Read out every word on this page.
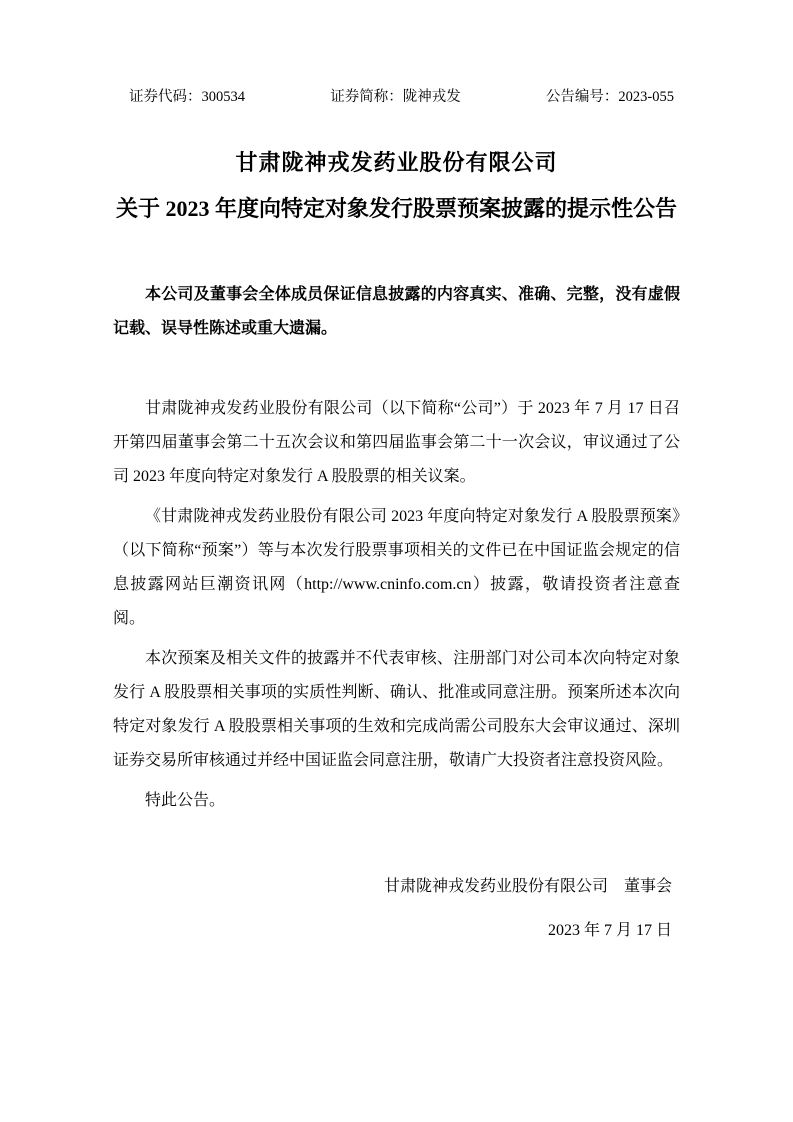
证券代码：300534	证券简称：陇神戎发	公告编号：2023-055
甘肃陇神戎发药业股份有限公司
关于 2023 年度向特定对象发行股票预案披露的提示性公告

本公司及董事会全体成员保证信息披露的内容真实、准确、完整，没有虚假记载、误导性陈述或重大遗漏。

甘肃陇神戎发药业股份有限公司（以下简称“公司”）于 2023 年 7 月 17 日召开第四届董事会第二十五次会议和第四届监事会第二十一次会议，审议通过了公司 2023 年度向特定对象发行 A 股股票的相关议案。

《甘肃陇神戎发药业股份有限公司 2023 年度向特定对象发行 A 股股票预案》（以下简称“预案”）等与本次发行股票事项相关的文件已在中国证监会规定的信息披露网站巨潮资讯网（http://www.cninfo.com.cn）披露，敬请投资者注意查阅。

本次预案及相关文件的披露并不代表审核、注册部门对公司本次向特定对象发行 A 股股票相关事项的实质性判断、确认、批准或同意注册。预案所述本次向特定对象发行 A 股股票相关事项的生效和完成尚需公司股东大会审议通过、深圳证券交易所审核通过并经中国证监会同意注册，敬请广大投资者注意投资风险。

特此公告。

甘肃陇神戎发药业股份有限公司　董事会

2023 年 7 月 17 日
